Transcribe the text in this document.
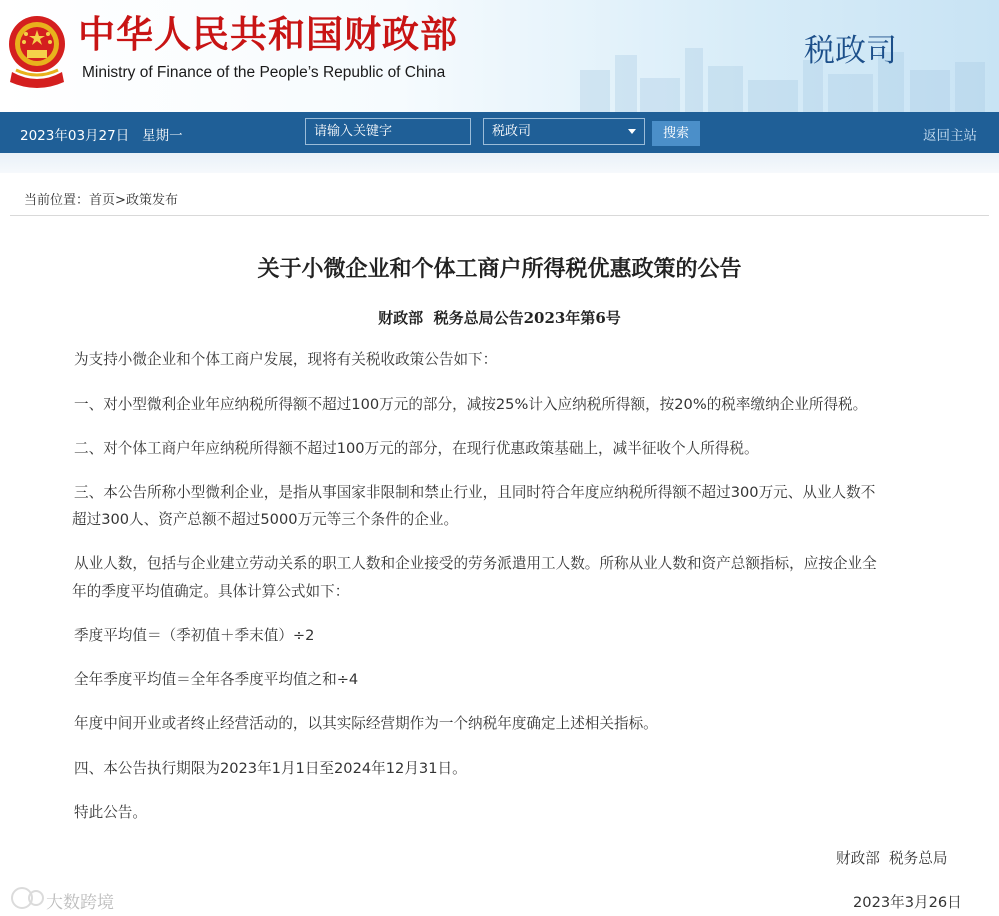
中华人民共和国财政部
Ministry of Finance of the People’s Republic of China
税政司
2023年03月27日   星期一
请输入关键字	税政司	搜索	返回主站
当前位置：首页>政策发布
关于小微企业和个体工商户所得税优惠政策的公告
财政部  税务总局公告2023年第6号
为支持小微企业和个体工商户发展，现将有关税收政策公告如下：
一、对小型微利企业年应纳税所得额不超过100万元的部分，减按25%计入应纳税所得额，按20%的税率缴纳企业所得税。
二、对个体工商户年应纳税所得额不超过100万元的部分，在现行优惠政策基础上，减半征收个人所得税。
三、本公告所称小型微利企业，是指从事国家非限制和禁止行业，且同时符合年度应纳税所得额不超过300万元、从业人数不
超过300人、资产总额不超过5000万元等三个条件的企业。
从业人数，包括与企业建立劳动关系的职工人数和企业接受的劳务派遣用工人数。所称从业人数和资产总额指标，应按企业全
年的季度平均值确定。具体计算公式如下：
季度平均值＝（季初值＋季末值）÷2
全年季度平均值＝全年各季度平均值之和÷4
年度中间开业或者终止经营活动的，以其实际经营期作为一个纳税年度确定上述相关指标。
四、本公告执行期限为2023年1月1日至2024年12月31日。
特此公告。
财政部  税务总局
2023年3月26日
大数跨境
